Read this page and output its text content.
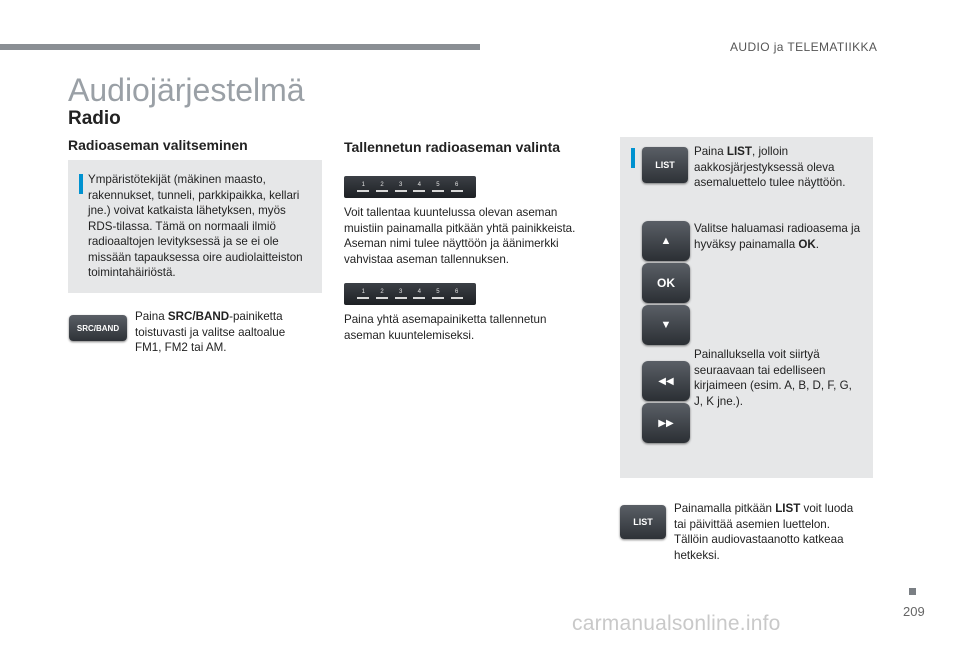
AUDIO ja TELEMATIIKKA
Audiojärjestelmä
Radio
Radioaseman valitseminen
Ympäristötekijät (mäkinen maasto, rakennukset, tunneli, parkkipaikka, kellari jne.) voivat katkaista lähetyksen, myös RDS-tilassa. Tämä on normaali ilmiö radioaaltojen levityksessä ja se ei ole missään tapauksessa oire audiolaitteiston toimintahäiriöstä.
SRC/BAND
Paina SRC/BAND-painiketta toistuvasti ja valitse aaltoalue FM1, FM2 tai AM.
Tallennetun radioaseman valinta
1	2	3	4	5	6
Voit tallentaa kuuntelussa olevan aseman muistiin painamalla pitkään yhtä painikkeista. Aseman nimi tulee näyttöön ja äänimerkki vahvistaa aseman tallennuksen.
1	2	3	4	5	6
Paina yhtä asemapainiketta tallennetun aseman kuuntelemiseksi.
LIST
Paina LIST, jolloin aakkosjärjestyksessä oleva asemaluettelo tulee näyttöön.
▲
OK
▼
Valitse haluamasi radioasema ja hyväksy painamalla OK.
◀◀
▶▶
Painalluksella voit siirtyä seuraavaan tai edelliseen kirjaimeen (esim. A, B, D, F, G, J, K jne.).
LIST
Painamalla pitkään LIST voit luoda tai päivittää asemien luettelon. Tällöin audiovastaanotto katkeaa hetkeksi.
209
carmanualsonline.info
